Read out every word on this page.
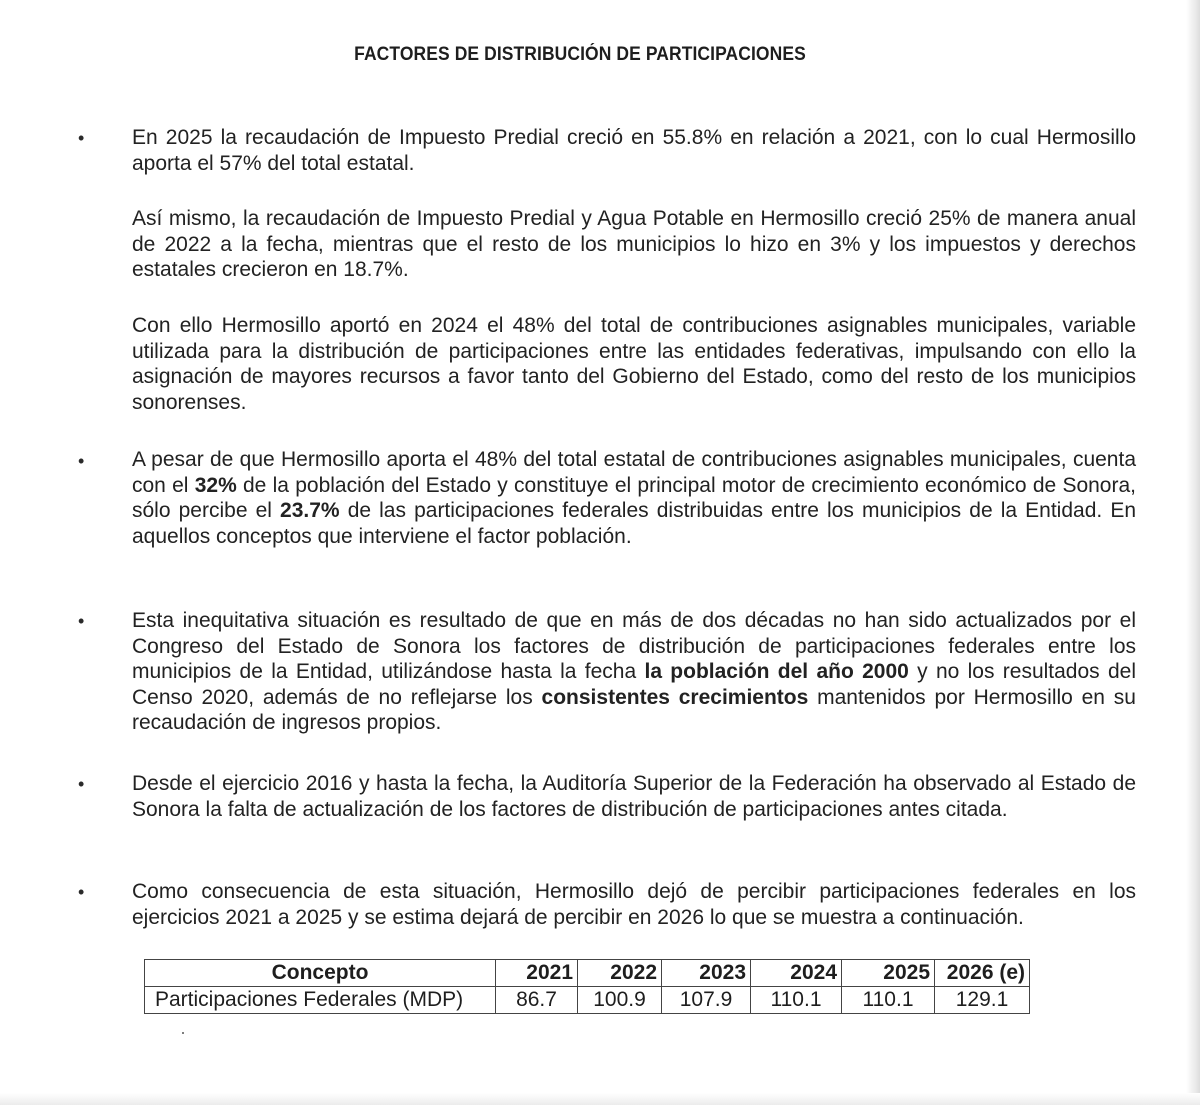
FACTORES DE DISTRIBUCIÓN DE PARTICIPACIONES
•	En 2025 la recaudación de Impuesto Predial creció en 55.8% en relación a 2021, con lo cual Hermosillo aporta el 57% del total estatal.

Así mismo, la recaudación de Impuesto Predial y Agua Potable en Hermosillo creció 25% de manera anual de 2022 a la fecha, mientras que el resto de los municipios lo hizo en 3% y los impuestos y derechos estatales crecieron en 18.7%.

Con ello Hermosillo aportó en 2024 el 48% del total de contribuciones asignables municipales, variable utilizada para la distribución de participaciones entre las entidades federativas, impulsando con ello la asignación de mayores recursos a favor tanto del Gobierno del Estado, como del resto de los municipios sonorenses.

•	A pesar de que Hermosillo aporta el 48% del total estatal de contribuciones asignables municipales, cuenta con el 32% de la población del Estado y constituye el principal motor de crecimiento económico de Sonora, sólo percibe el 23.7% de las participaciones federales distribuidas entre los municipios de la Entidad. En aquellos conceptos que interviene el factor población.

•	Esta inequitativa situación es resultado de que en más de dos décadas no han sido actualizados por el Congreso del Estado de Sonora los factores de distribución de participaciones federales entre los municipios de la Entidad, utilizándose hasta la fecha la población del año 2000 y no los resultados del Censo 2020, además de no reflejarse los consistentes crecimientos mantenidos por Hermosillo en su recaudación de ingresos propios.

•	Desde el ejercicio 2016 y hasta la fecha, la Auditoría Superior de la Federación ha observado al Estado de Sonora la falta de actualización de los factores de distribución de participaciones antes citada.

•	Como consecuencia de esta situación, Hermosillo dejó de percibir participaciones federales en los ejercicios 2021 a 2025 y se estima dejará de percibir en 2026 lo que se muestra a continuación.

Concepto	2021	2022	2023	2024	2025	2026 (e)
Participaciones Federales (MDP)	86.7	100.9	107.9	110.1	110.1	129.1
